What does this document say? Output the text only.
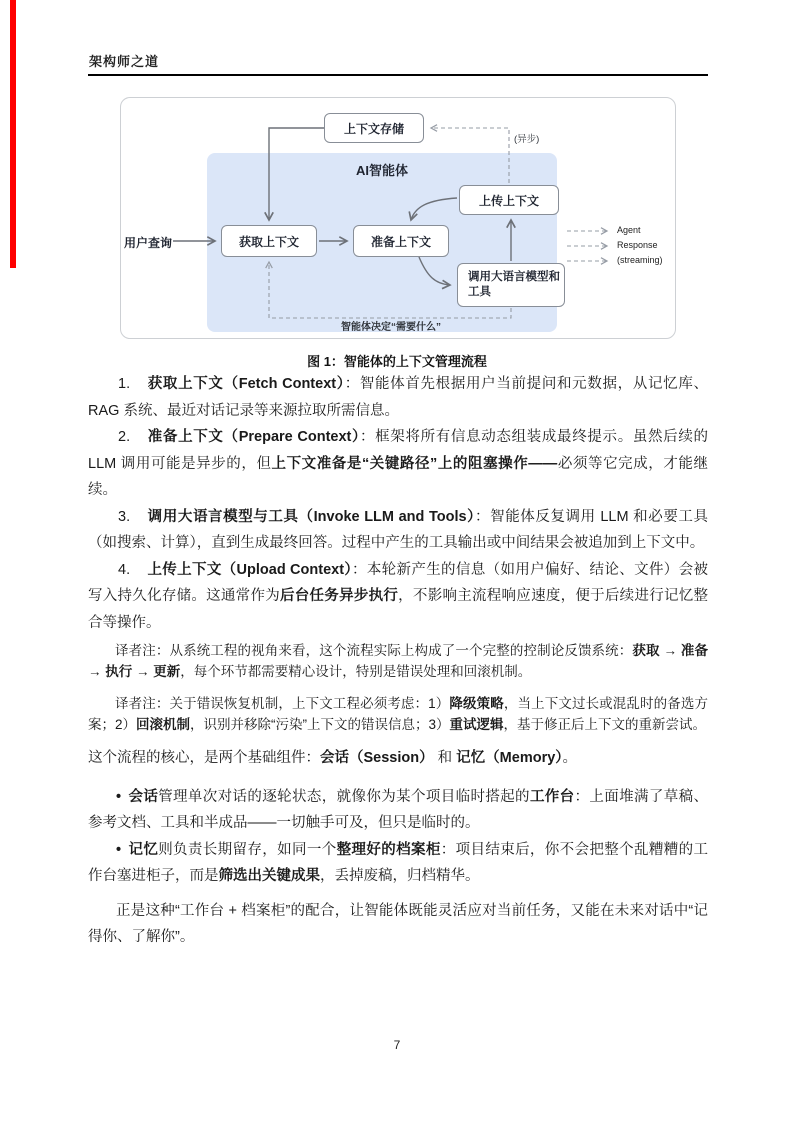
架构师之道
AI智能体
上下文存储
获取上下文	准备上下文
上传上下文
调用大语言模型和
工具
用户查询
(异步)
智能体决定“需要什么”
Agent
Response
(streaming)
图 1：智能体的上下文管理流程

1. 获取上下文（Fetch Context）：智能体首先根据用户当前提问和元数据，从记忆库、RAG 系统、最近对话记录等来源拉取所需信息。

2. 准备上下文（Prepare Context）：框架将所有信息动态组装成最终提示。虽然后续的 LLM 调用可能是异步的，但上下文准备是“关键路径”上的阻塞操作——必须等它完成，才能继续。

3. 调用大语言模型与工具（Invoke LLM and Tools）：智能体反复调用 LLM 和必要工具（如搜索、计算），直到生成最终回答。过程中产生的工具输出或中间结果会被追加到上下文中。

4. 上传上下文（Upload Context）：本轮新产生的信息（如用户偏好、结论、文件）会被写入持久化存储。这通常作为后台任务异步执行，不影响主流程响应速度，便于后续进行记忆整合等操作。

译者注：从系统工程的视角来看，这个流程实际上构成了一个完整的控制论反馈系统：获取 → 准备 → 执行 → 更新，每个环节都需要精心设计，特别是错误处理和回滚机制。

译者注：关于错误恢复机制，上下文工程必须考虑：1）降级策略，当上下文过长或混乱时的备选方案；2）回滚机制，识别并移除“污染”上下文的错误信息；3）重试逻辑，基于修正后上下文的重新尝试。

这个流程的核心，是两个基础组件：会话（Session） 和 记忆（Memory）。

• 会话管理单次对话的逐轮状态，就像你为某个项目临时搭起的工作台：上面堆满了草稿、参考文档、工具和半成品——一切触手可及，但只是临时的。

• 记忆则负责长期留存，如同一个整理好的档案柜：项目结束后，你不会把整个乱糟糟的工作台塞进柜子，而是筛选出关键成果，丢掉废稿，归档精华。

正是这种“工作台 + 档案柜”的配合，让智能体既能灵活应对当前任务，又能在未来对话中“记得你、了解你”。

7
